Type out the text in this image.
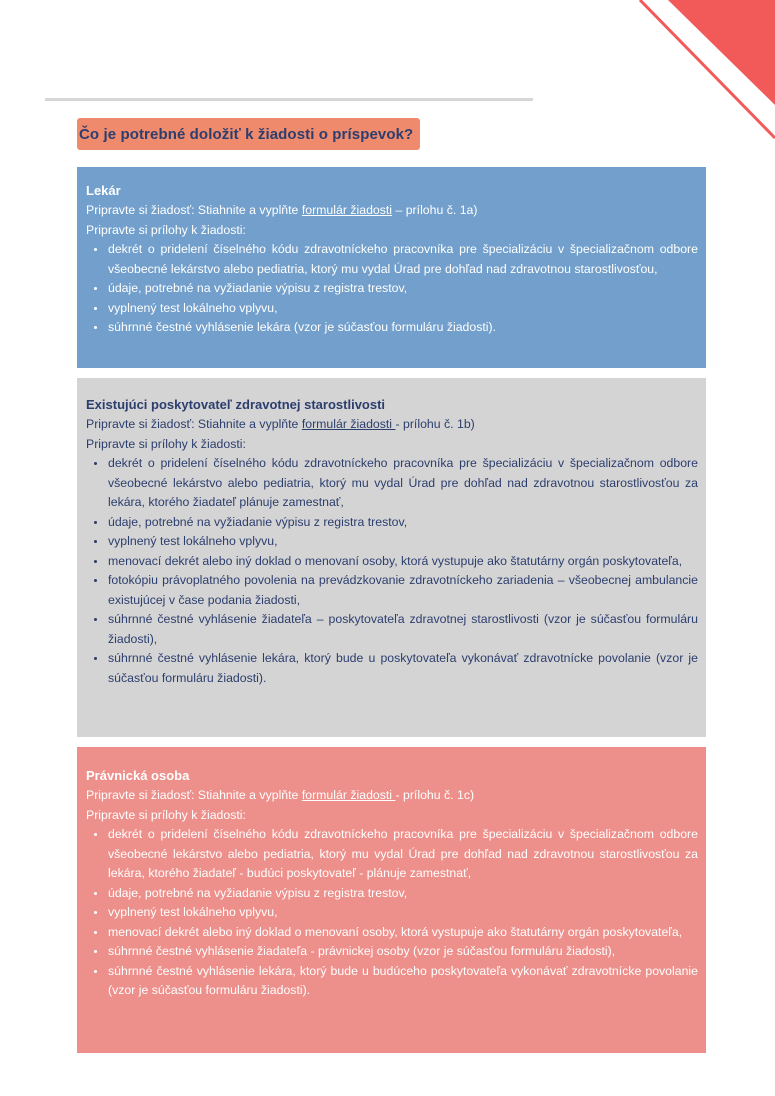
Čo je potrebné doložiť k žiadosti o príspevok?

Lekár

Pripravte si žiadosť: Stiahnite a vyplňte formulár žiadosti – prílohu č. 1a)

Pripravte si prílohy k žiadosti:

• dekrét o pridelení číselného kódu zdravotníckeho pracovníka pre špecializáciu v špecializačnom odbore všeobecné lekárstvo alebo pediatria, ktorý mu vydal Úrad pre dohľad nad zdravotnou starostlivosťou,
• údaje, potrebné na vyžiadanie výpisu z registra trestov,
• vyplnený test lokálneho vplyvu,
• súhrnné čestné vyhlásenie lekára (vzor je súčasťou formuláru žiadosti).

Existujúci poskytovateľ zdravotnej starostlivosti

Pripravte si žiadosť: Stiahnite a vyplňte formulár žiadosti - prílohu č. 1b)

Pripravte si prílohy k žiadosti:

• dekrét o pridelení číselného kódu zdravotníckeho pracovníka pre špecializáciu v špecializačnom odbore všeobecné lekárstvo alebo pediatria, ktorý mu vydal Úrad pre dohľad nad zdravotnou starostlivosťou za lekára, ktorého žiadateľ plánuje zamestnať,
• údaje, potrebné na vyžiadanie výpisu z registra trestov,
• vyplnený test lokálneho vplyvu,
• menovací dekrét alebo iný doklad o menovaní osoby, ktorá vystupuje ako štatutárny orgán poskytovateľa,
• fotokópiu právoplatného povolenia na prevádzkovanie zdravotníckeho zariadenia – všeobecnej ambulancie existujúcej v čase podania žiadosti,
• súhrnné čestné vyhlásenie žiadateľa – poskytovateľa zdravotnej starostlivosti (vzor je súčasťou formuláru žiadosti),
• súhrnné čestné vyhlásenie lekára, ktorý bude u poskytovateľa vykonávať zdravotnícke povolanie (vzor je súčasťou formuláru žiadosti).

Právnická osoba

Pripravte si žiadosť: Stiahnite a vyplňte formulár žiadosti - prílohu č. 1c)

Pripravte si prílohy k žiadosti:

• dekrét o pridelení číselného kódu zdravotníckeho pracovníka pre špecializáciu v špecializačnom odbore všeobecné lekárstvo alebo pediatria, ktorý mu vydal Úrad pre dohľad nad zdravotnou starostlivosťou za lekára, ktorého žiadateľ - budúci poskytovateľ - plánuje zamestnať,
• údaje, potrebné na vyžiadanie výpisu z registra trestov,
• vyplnený test lokálneho vplyvu,
• menovací dekrét alebo iný doklad o menovaní osoby, ktorá vystupuje ako štatutárny orgán poskytovateľa,
• súhrnné čestné vyhlásenie žiadateľa - právnickej osoby (vzor je súčasťou formuláru žiadosti),
• súhrnné čestné vyhlásenie lekára, ktorý bude u budúceho poskytovateľa vykonávať zdravotnícke povolanie (vzor je súčasťou formuláru žiadosti).
